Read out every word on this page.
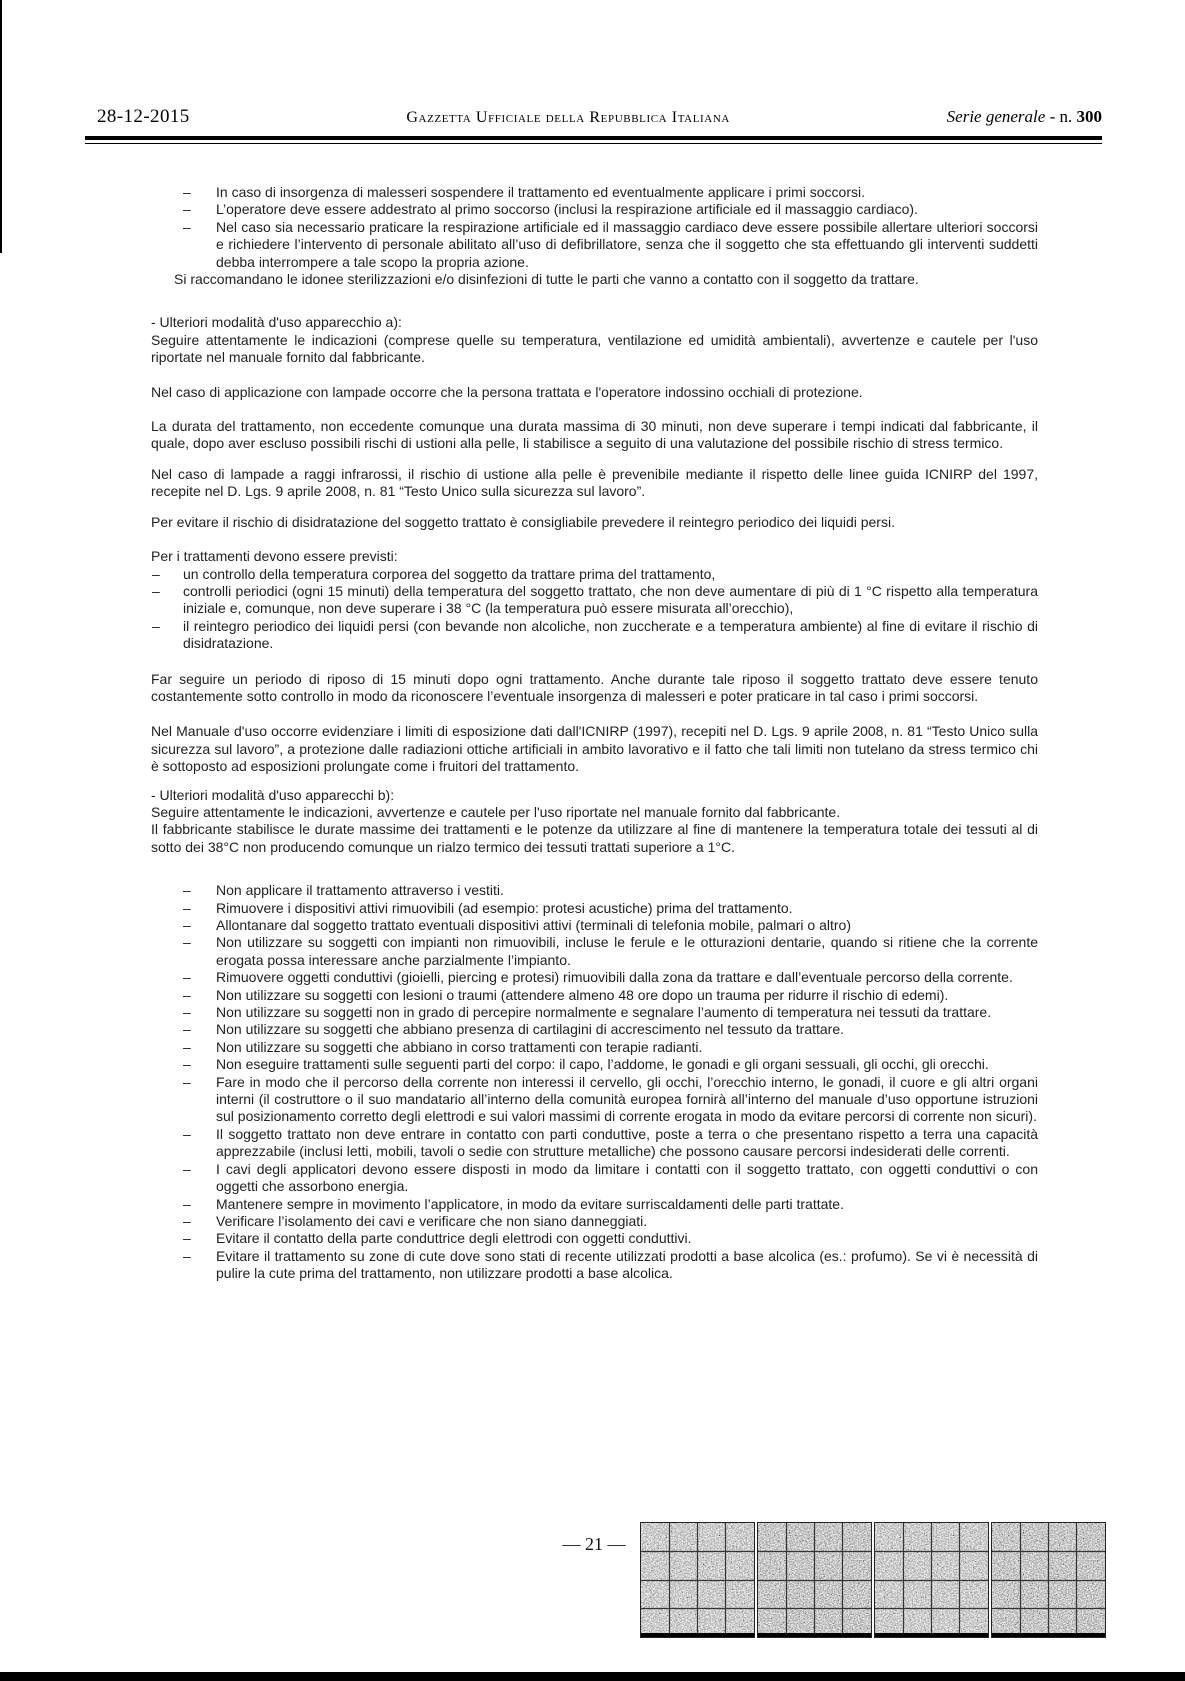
28-12-2015	Gazzetta Ufficiale della Repubblica Italiana	Serie generale - n. 300
– In caso di insorgenza di malesseri sospendere il trattamento ed eventualmente applicare i primi soccorsi.
– L’operatore deve essere addestrato al primo soccorso (inclusi la respirazione artificiale ed il massaggio cardiaco).
– Nel caso sia necessario praticare la respirazione artificiale ed il massaggio cardiaco deve essere possibile allertare ulteriori soccorsi e richiedere l’intervento di personale abilitato all’uso di defibrillatore, senza che il soggetto che sta effettuando gli interventi suddetti debba interrompere a tale scopo la propria azione.

Si raccomandano le idonee sterilizzazioni e/o disinfezioni di tutte le parti che vanno a contatto con il soggetto da trattare.

- Ulteriori modalità d'uso apparecchio a):

Seguire attentamente le indicazioni (comprese quelle su temperatura, ventilazione ed umidità ambientali), avvertenze e cautele per l'uso riportate nel manuale fornito dal fabbricante.

Nel caso di applicazione con lampade occorre che la persona trattata e l'operatore indossino occhiali di protezione.

La durata del trattamento, non eccedente comunque una durata massima di 30 minuti, non deve superare i tempi indicati dal fabbricante, il quale, dopo aver escluso possibili rischi di ustioni alla pelle, li stabilisce a seguito di una valutazione del possibile rischio di stress termico.

Nel caso di lampade a raggi infrarossi, il rischio di ustione alla pelle è prevenibile mediante il rispetto delle linee guida ICNIRP del 1997, recepite nel D. Lgs. 9 aprile 2008, n. 81 “Testo Unico sulla sicurezza sul lavoro”.

Per evitare il rischio di disidratazione del soggetto trattato è consigliabile prevedere il reintegro periodico dei liquidi persi.

Per i trattamenti devono essere previsti:

– un controllo della temperatura corporea del soggetto da trattare prima del trattamento,
– controlli periodici (ogni 15 minuti) della temperatura del soggetto trattato, che non deve aumentare di più di 1 °C rispetto alla temperatura iniziale e, comunque, non deve superare i 38 °C (la temperatura può essere misurata all’orecchio),
– il reintegro periodico dei liquidi persi (con bevande non alcoliche, non zuccherate e a temperatura ambiente) al fine di evitare il rischio di disidratazione.

Far seguire un periodo di riposo di 15 minuti dopo ogni trattamento. Anche durante tale riposo il soggetto trattato deve essere tenuto costantemente sotto controllo in modo da riconoscere l’eventuale insorgenza di malesseri e poter praticare in tal caso i primi soccorsi.

Nel Manuale d'uso occorre evidenziare i limiti di esposizione dati dall'ICNIRP (1997), recepiti nel D. Lgs. 9 aprile 2008, n. 81 “Testo Unico sulla sicurezza sul lavoro”, a protezione dalle radiazioni ottiche artificiali in ambito lavorativo e il fatto che tali limiti non tutelano da stress termico chi è sottoposto ad esposizioni prolungate come i fruitori del trattamento.

- Ulteriori modalità d'uso apparecchi b):

Seguire attentamente le indicazioni, avvertenze e cautele per l'uso riportate nel manuale fornito dal fabbricante.

Il fabbricante stabilisce le durate massime dei trattamenti e le potenze da utilizzare al fine di mantenere la temperatura totale dei tessuti al di sotto dei 38°C non producendo comunque un rialzo termico dei tessuti trattati superiore a 1°C.

– Non applicare il trattamento attraverso i vestiti.
– Rimuovere i dispositivi attivi rimuovibili (ad esempio: protesi acustiche) prima del trattamento.
– Allontanare dal soggetto trattato eventuali dispositivi attivi (terminali di telefonia mobile, palmari o altro)
– Non utilizzare su soggetti con impianti non rimuovibili, incluse le ferule e le otturazioni dentarie, quando si ritiene che la corrente erogata possa interessare anche parzialmente l’impianto.
– Rimuovere oggetti conduttivi (gioielli, piercing e protesi) rimuovibili dalla zona da trattare e dall’eventuale percorso della corrente.
– Non utilizzare su soggetti con lesioni o traumi (attendere almeno 48 ore dopo un trauma per ridurre il rischio di edemi).
– Non utilizzare su soggetti non in grado di percepire normalmente e segnalare l’aumento di temperatura nei tessuti da trattare.
– Non utilizzare su soggetti che abbiano presenza di cartilagini di accrescimento nel tessuto da trattare.
– Non utilizzare su soggetti che abbiano in corso trattamenti con terapie radianti.
– Non eseguire trattamenti sulle seguenti parti del corpo: il capo, l’addome, le gonadi e gli organi sessuali, gli occhi, gli orecchi.
– Fare in modo che il percorso della corrente non interessi il cervello, gli occhi, l’orecchio interno, le gonadi, il cuore e gli altri organi interni (il costruttore o il suo mandatario all’interno della comunità europea fornirà all’interno del manuale d’uso opportune istruzioni sul posizionamento corretto degli elettrodi e sui valori massimi di corrente erogata in modo da evitare percorsi di corrente non sicuri).
– Il soggetto trattato non deve entrare in contatto con parti conduttive, poste a terra o che presentano rispetto a terra una capacità apprezzabile (inclusi letti, mobili, tavoli o sedie con strutture metalliche) che possono causare percorsi indesiderati delle correnti.
– I cavi degli applicatori devono essere disposti in modo da limitare i contatti con il soggetto trattato, con oggetti conduttivi o con oggetti che assorbono energia.
– Mantenere sempre in movimento l’applicatore, in modo da evitare surriscaldamenti delle parti trattate.
– Verificare l’isolamento dei cavi e verificare che non siano danneggiati.
– Evitare il contatto della parte conduttrice degli elettrodi con oggetti conduttivi.
– Evitare il trattamento su zone di cute dove sono stati di recente utilizzati prodotti a base alcolica (es.: profumo). Se vi è necessità di pulire la cute prima del trattamento, non utilizzare prodotti a base alcolica.
— 21 —
